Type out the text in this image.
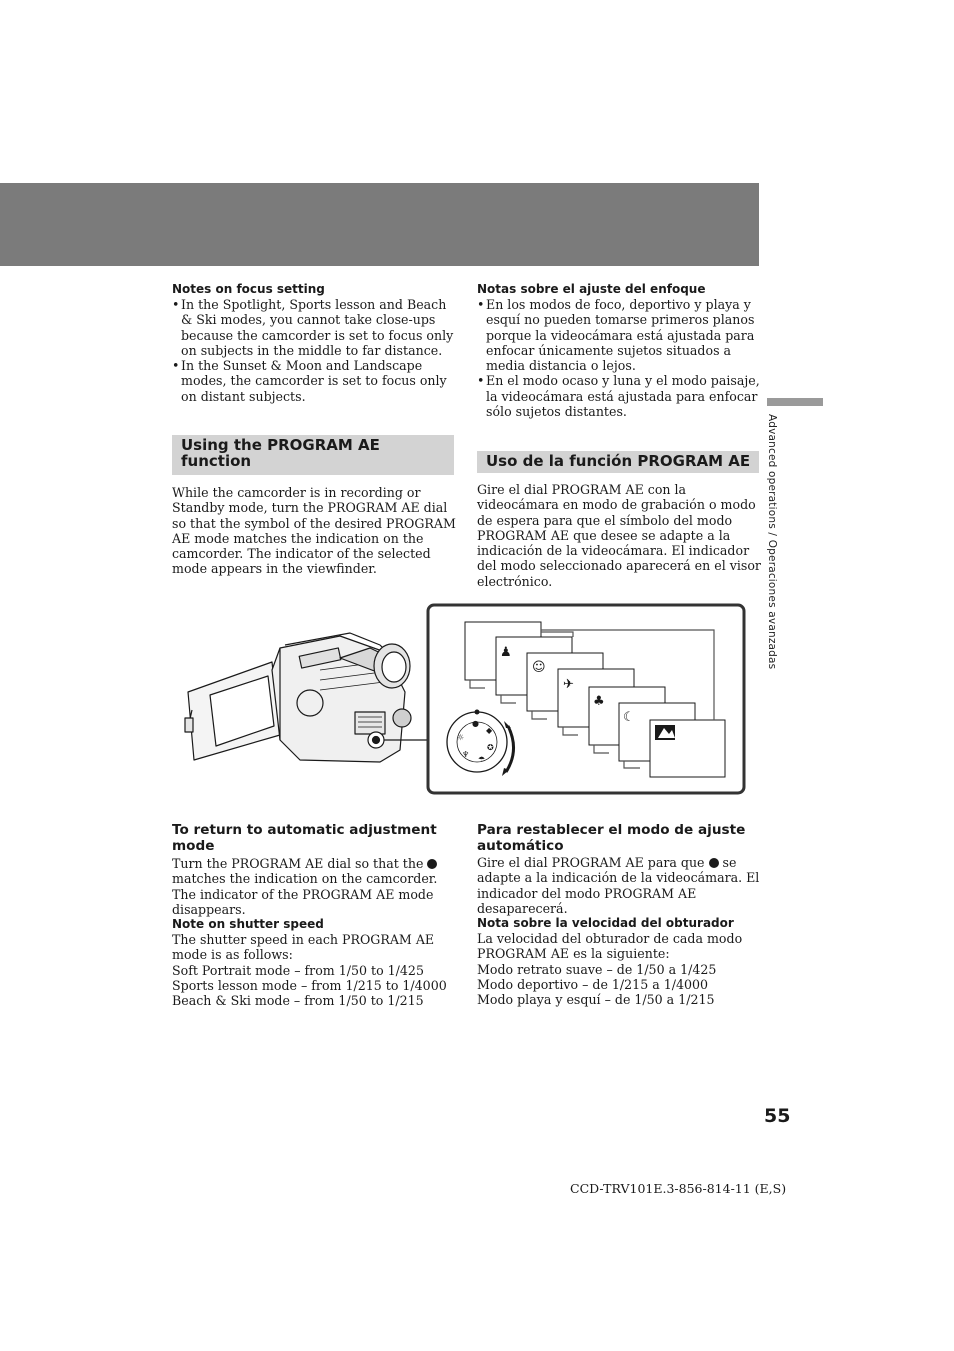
Advanced operations / Operaciones avanzadas

Notes on focus setting

• In the Spotlight, Sports lesson and Beach & Ski modes, you cannot take close-ups because the camcorder is set to focus only on subjects in the middle to far distance.

• In the Sunset & Moon and Landscape modes, the camcorder is set to focus only on distant subjects.

Notas sobre el ajuste del enfoque

• En los modos de foco, deportivo y playa y esquí no pueden tomarse primeros planos porque la videocámara está ajustada para enfocar únicamente sujetos situados a media distancia o lejos.

• En el modo ocaso y luna y el modo paisaje, la videocámara está ajustada para enfocar sólo sujetos distantes.

Using the PROGRAM AE function	Uso de la función PROGRAM AE

While the camcorder is in recording or Standby mode, turn the PROGRAM AE dial so that the symbol of the desired PROGRAM AE mode matches the indication on the camcorder. The indicator of the selected mode appears in the viewfinder.

Gire el dial PROGRAM AE con la videocámara en modo de grabación o modo de espera para que el símbolo del modo PROGRAM AE que desee se adapte a la indicación de la videocámara. El indicador del modo seleccionado aparecerá en el visor electrónico.

☼
♆
☂
✪
◆
●
♟
☺
✈
♣
☾
To return to automatic adjustment mode
Para restablecer el modo de ajuste automático

Turn the PROGRAM AE dial so that the  matches the indication on the camcorder. The indicator of the PROGRAM AE mode disappears.

Gire el dial PROGRAM AE para que se adapte a la indicación de la videocámara. El indicador del modo PROGRAM AE desaparecerá.

Note on shutter speed

The shutter speed in each PROGRAM AE mode is as follows:

Soft Portrait mode – from 1/50 to 1/425

Sports lesson mode – from 1/215 to 1/4000

Beach & Ski mode – from 1/50 to 1/215

Nota sobre la velocidad del obturador

La velocidad del obturador de cada modo PROGRAM AE es la siguiente:

Modo retrato suave – de 1/50 a 1/425

Modo deportivo – de 1/215 a 1/4000

Modo playa y esquí – de 1/50 a 1/215

55
CCD-TRV101E.3-856-814-11 (E,S)
